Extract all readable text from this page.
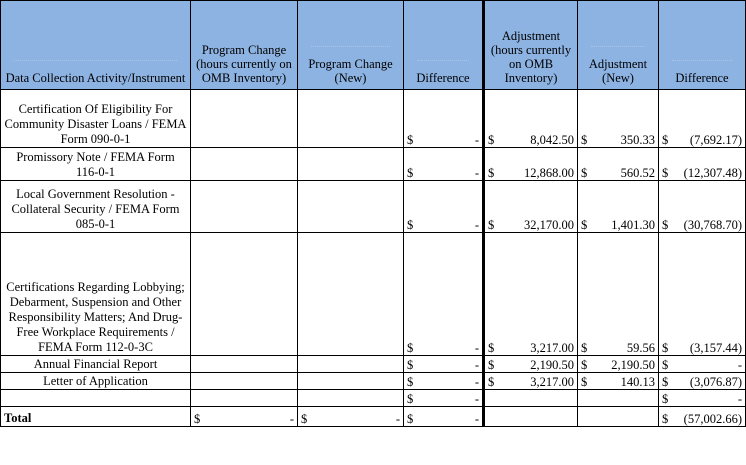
Data Collection Activity/Instrument	Program Change (hours currently on OMB Inventory)	Program Change (New)	Difference	Adjustment (hours currently on OMB Inventory)	Adjustment (New)	Difference
Certification Of Eligibility For Community Disaster Loans / FEMA Form 090-0-1			$ -	$ 8,042.50	$ 350.33	$ (7,692.17)

Promissory Note / FEMA Form 116-0-1			$ -	$ 12,868.00	$ 560.52	$ (12,307.48)

Local Government Resolution - Collateral Security / FEMA Form 085-0-1			$ -	$ 32,170.00	$ 1,401.30	$ (30,768.70)

Certifications Regarding Lobbying; Debarment, Suspension and Other Responsibility Matters; And Drug-Free Workplace Requirements / FEMA Form 112-0-3C			$ -	$ 3,217.00	$ 59.56	$ (3,157.44)

Annual Financial Report			$ -	$ 2,190.50	$ 2,190.50	$ -

Letter of Application			$ -	$ 3,217.00	$ 140.13	$ (3,076.87)

			$ -			$ -

Total	$ -	$ -	$ -			$ (57,002.66)
